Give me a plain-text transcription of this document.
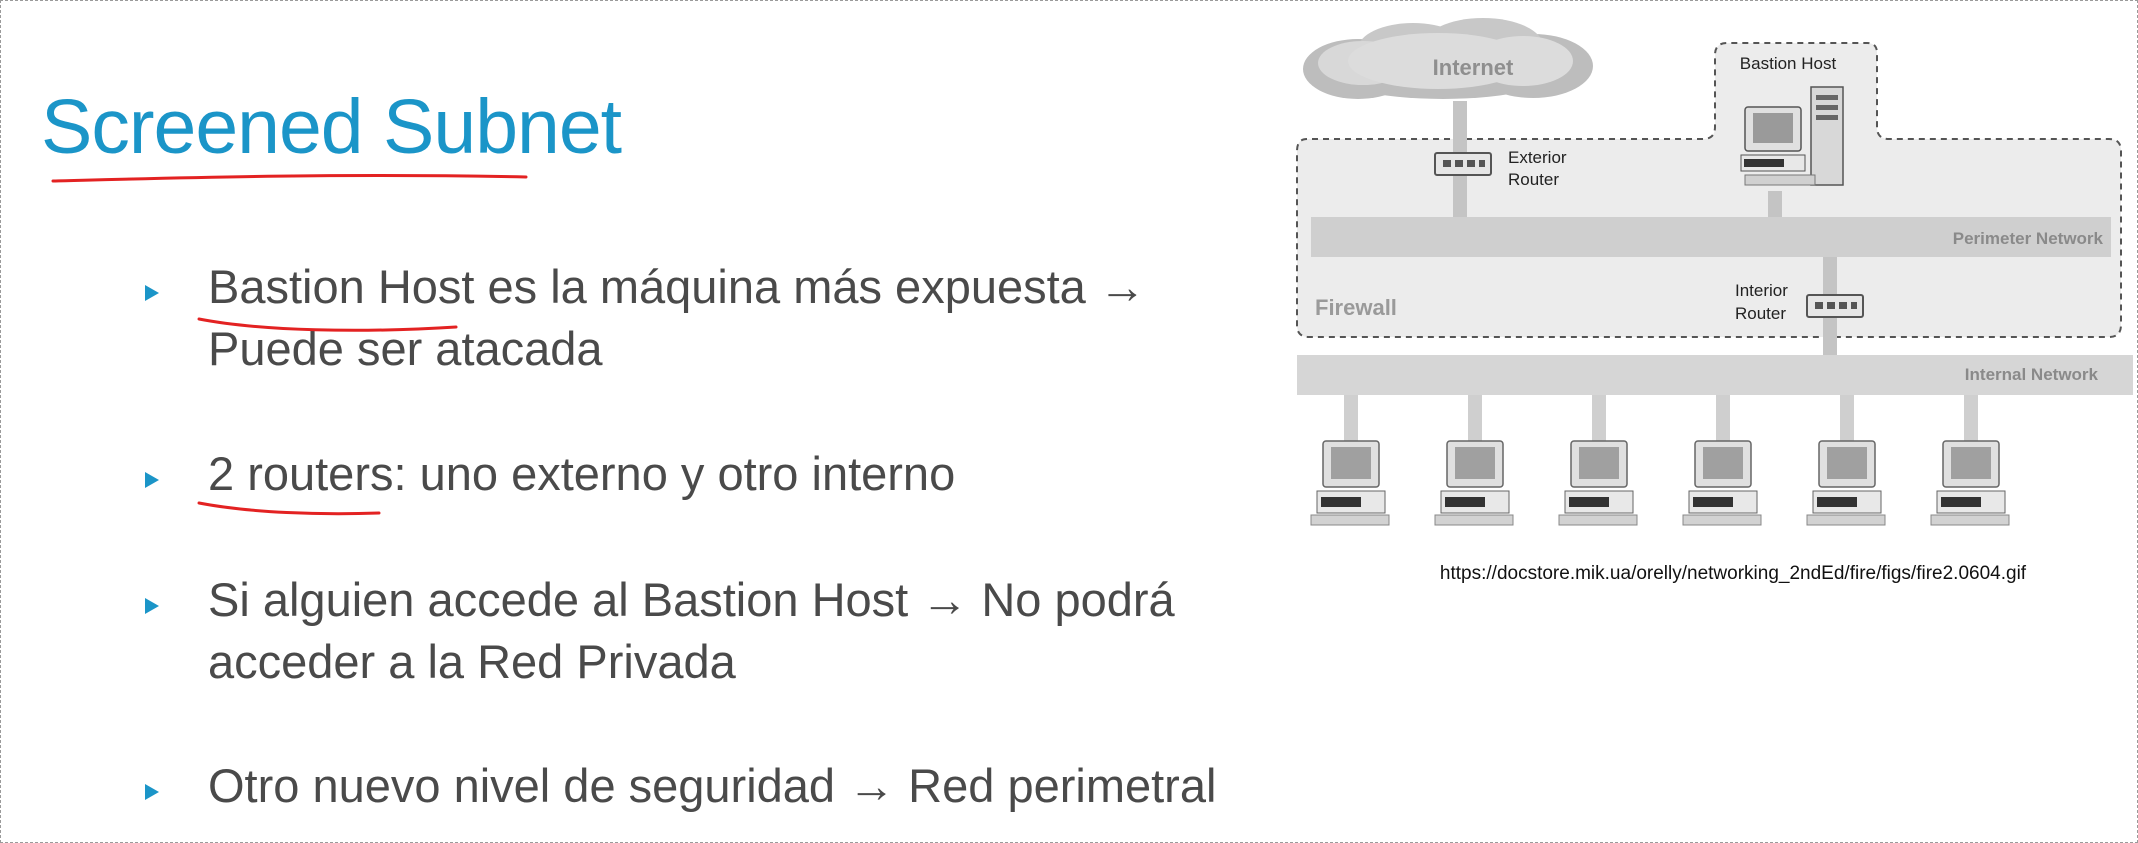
Screened Subnet
Bastion Host es la máquina más expuesta → Puede ser atacada
2 routers: uno externo y otro interno
Si alguien accede al Bastion Host → No podrá acceder a la Red Privada
Otro nuevo nivel de seguridad → Red perimetral
Internet
Perimeter Network
Exterior
Router
Bastion Host
Firewall
Interior
Router
Internal Network
https://docstore.mik.ua/orelly/networking_2ndEd/fire/figs/fire2.0604.gif
